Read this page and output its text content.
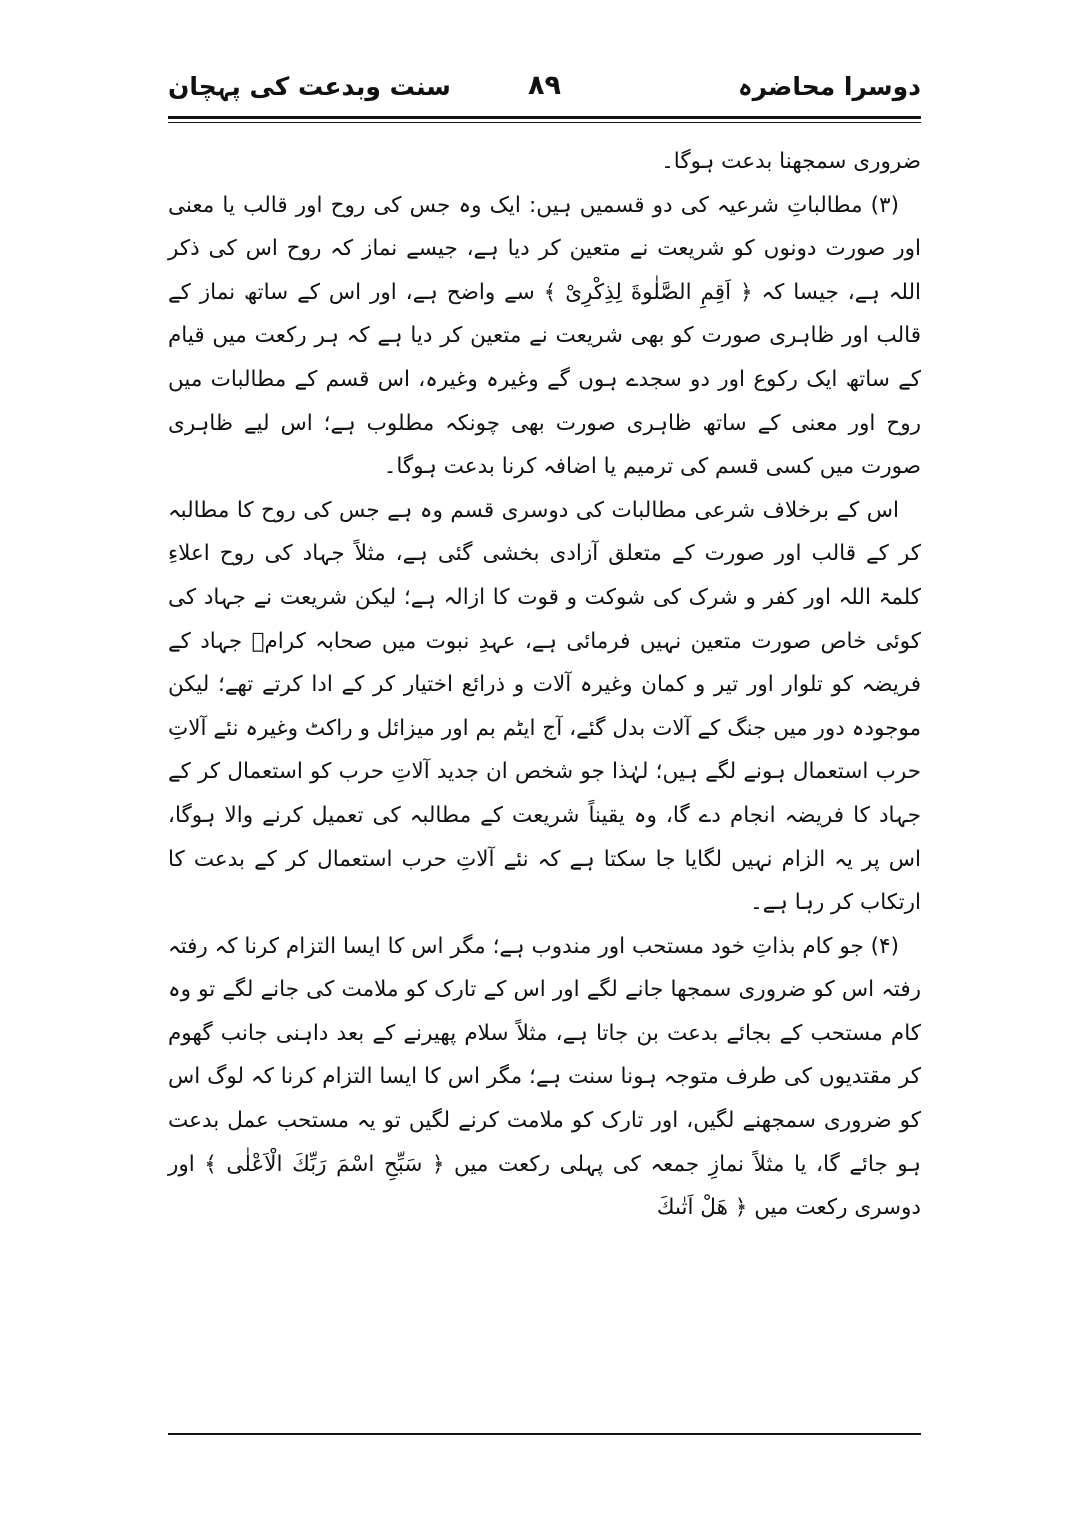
دوسرا محاضرہ
۸۹
سنت وبدعت کی پہچان

ضروری سمجھنا بدعت ہوگا۔

(۳) مطالباتِ شرعیہ کی دو قسمیں ہیں: ایک وہ جس کی روح اور قالب یا معنی اور صورت دونوں کو شریعت نے متعین کر دیا ہے، جیسے نماز کہ روح اس کی ذکر اللہ ہے، جیسا کہ ﴿ اَقِمِ الصَّلٰوةَ لِذِكْرِىْ ﴾ سے واضح ہے، اور اس کے ساتھ نماز کے قالب اور ظاہری صورت کو بھی شریعت نے متعین کر دیا ہے کہ ہر رکعت میں قیام کے ساتھ ایک رکوع اور دو سجدے ہوں گے وغیرہ وغیرہ، اس قسم کے مطالبات میں روح اور معنی کے ساتھ ظاہری صورت بھی چونکہ مطلوب ہے؛ اس لیے ظاہری صورت میں کسی قسم کی ترمیم یا اضافہ کرنا بدعت ہوگا۔

اس کے برخلاف شرعی مطالبات کی دوسری قسم وہ ہے جس کی روح کا مطالبہ کر کے قالب اور صورت کے متعلق آزادی بخشی گئی ہے، مثلاً جہاد کی روح اعلاءِ کلمۃ اللہ اور کفر و شرک کی شوکت و قوت کا ازالہ ہے؛ لیکن شریعت نے جہاد کی کوئی خاص صورت متعین نہیں فرمائی ہے، عہدِ نبوت میں صحابہ کرامؓ جہاد کے فریضہ کو تلوار اور تیر و کمان وغیرہ آلات و ذرائع اختیار کر کے ادا کرتے تھے؛ لیکن موجودہ دور میں جنگ کے آلات بدل گئے، آج ایٹم بم اور میزائل و راکٹ وغیرہ نئے آلاتِ حرب استعمال ہونے لگے ہیں؛ لہٰذا جو شخص ان جدید آلاتِ حرب کو استعمال کر کے جہاد کا فریضہ انجام دے گا، وہ یقیناً شریعت کے مطالبہ کی تعمیل کرنے والا ہوگا، اس پر یہ الزام نہیں لگایا جا سکتا ہے کہ نئے آلاتِ حرب استعمال کر کے بدعت کا ارتکاب کر رہا ہے۔

(۴) جو کام بذاتِ خود مستحب اور مندوب ہے؛ مگر اس کا ایسا التزام کرنا کہ رفتہ رفتہ اس کو ضروری سمجھا جانے لگے اور اس کے تارک کو ملامت کی جانے لگے تو وہ کام مستحب کے بجائے بدعت بن جاتا ہے، مثلاً سلام پھیرنے کے بعد داہنی جانب گھوم کر مقتدیوں کی طرف متوجہ ہونا سنت ہے؛ مگر اس کا ایسا التزام کرنا کہ لوگ اس کو ضروری سمجھنے لگیں، اور تارک کو ملامت کرنے لگیں تو یہ مستحب عمل بدعت ہو جائے گا، یا مثلاً نمازِ جمعہ کی پہلی رکعت میں ﴿ سَبِّحِ اسْمَ رَبِّكَ الْاَعْلٰى ﴾ اور دوسری رکعت میں ﴿ هَلْ اَتٰىكَ
